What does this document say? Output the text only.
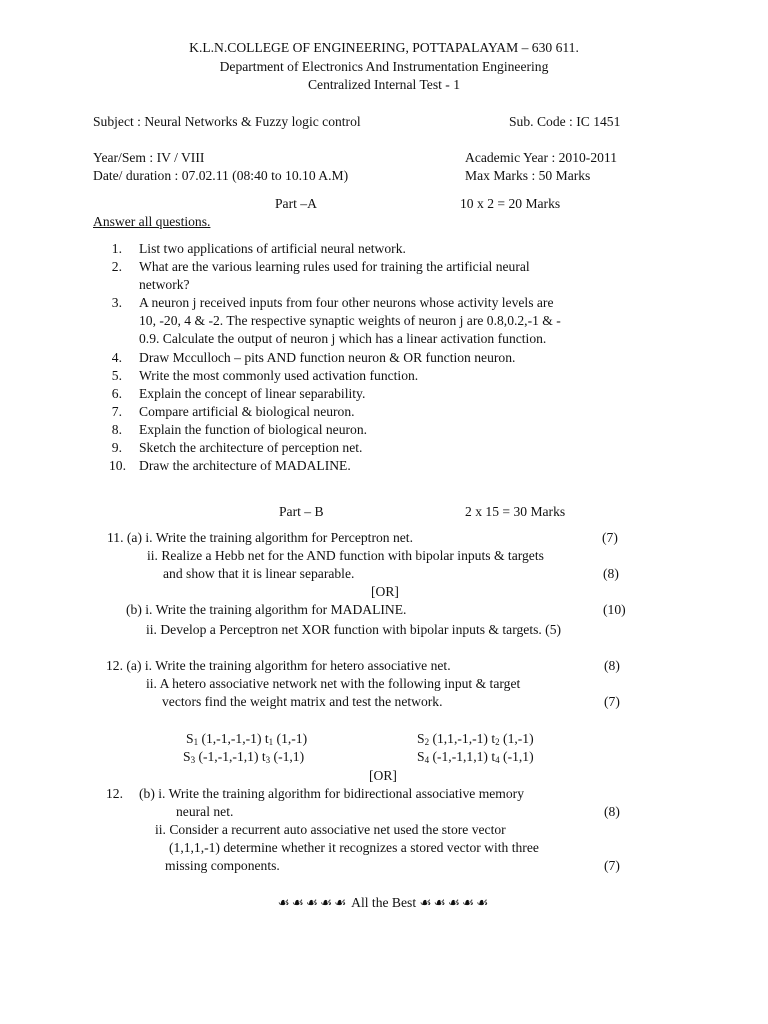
K.L.N.COLLEGE OF ENGINEERING, POTTAPALAYAM – 630 611.
Department of Electronics And Instrumentation Engineering
Centralized Internal Test - 1
Subject : Neural Networks & Fuzzy logic control	Sub. Code : IC 1451
Year/Sem : IV / VIII	Academic Year : 2010-2011
Date/ duration : 07.02.11 (08:40 to 10.10 A.M)	Max Marks : 50 Marks
Part –A	10 x 2 = 20 Marks
Answer all questions.
1. List two applications of artificial neural network.
2. What are the various learning rules used for training the artificial neural
network?
3. A neuron j received inputs from four other neurons whose activity levels are
10, -20, 4 & -2. The respective synaptic weights of neuron j are 0.8,0.2,-1 & -
0.9. Calculate the output of neuron j which has a linear activation function.
4. Draw Mcculloch – pits AND function neuron & OR function neuron.
5. Write the most commonly used activation function.
6. Explain the concept of linear separability.
7. Compare artificial & biological neuron.
8. Explain the function of biological neuron.
9. Sketch the architecture of perception net.
10. Draw the architecture of MADALINE.
Part – B	2 x 15 = 30 Marks
11. (a) i. Write the training algorithm for Perceptron net.	(7)
ii. Realize a Hebb net for the AND function with bipolar inputs & targets
and show that it is linear separable.	(8)
[OR]
(b) i. Write the training algorithm for MADALINE.	(10)
ii. Develop a Perceptron net XOR function with bipolar inputs & targets. (5)
12. (a) i. Write the training algorithm for hetero associative net.	(8)
ii. A hetero associative network net with the following input & target
vectors find the weight matrix and test the network.	(7)
$S_1$ (1,-1,-1,-1) $t_1$ (1,-1)	$S_2$ (1,1,-1,-1) $t_2$ (1,-1)
$S_3$ (-1,-1,-1,1) $t_3$ (-1,1)	$S_4$ (-1,-1,1,1) $t_4$ (-1,1)
[OR]
12. (b) i. Write the training algorithm for bidirectional associative memory
neural net.	(8)
ii. Consider a recurrent auto associative net used the store vector
(1,1,1,-1) determine whether it recognizes a stored vector with three
missing components.	(7)
☙☙☙☙☙ All the Best ☙☙☙☙☙
